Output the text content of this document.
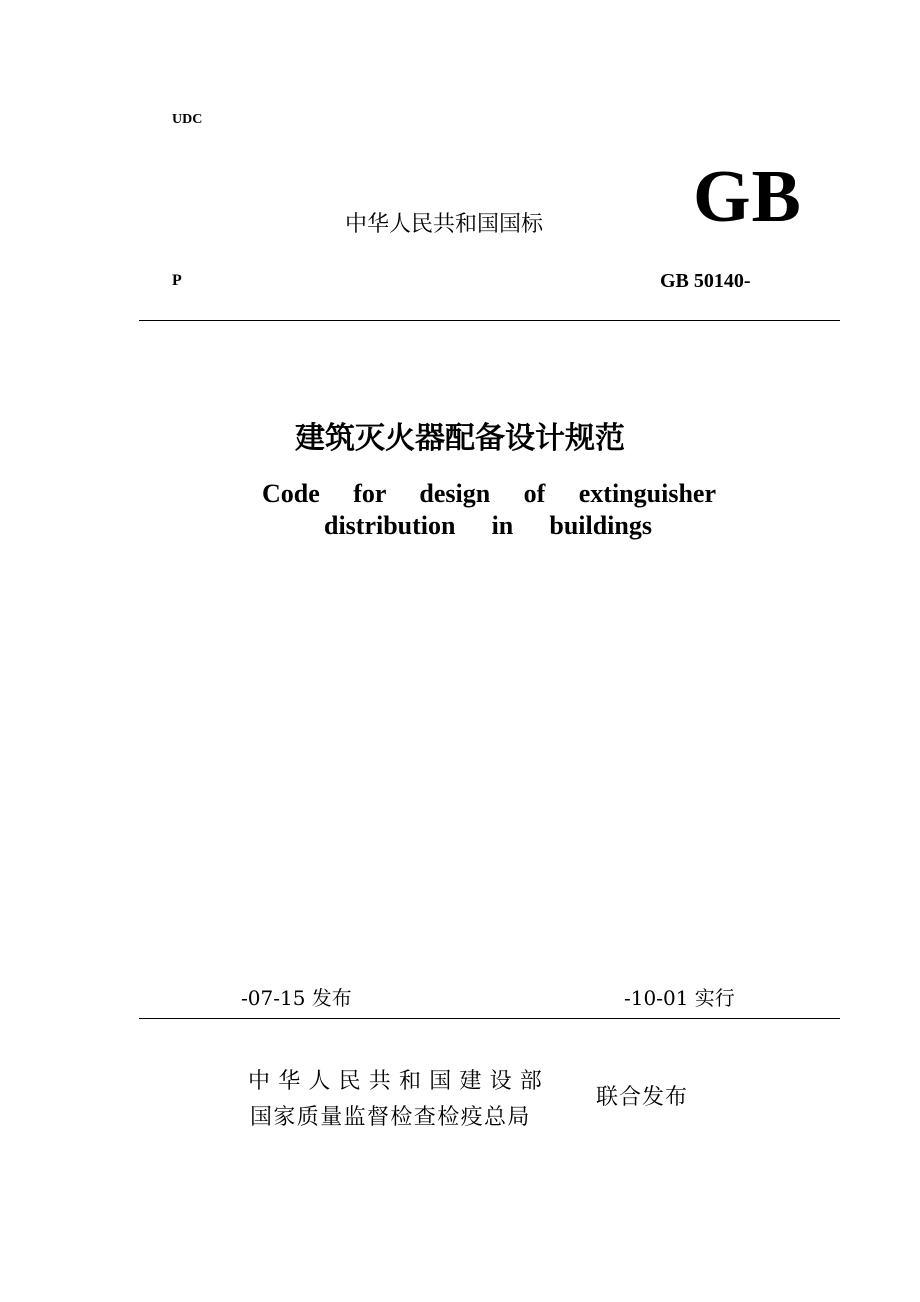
UDC
中华人民共和国国标 GB
P	GB 50140-
建筑灭火器配备设计规范
Code for design of extinguisher
distribution in buildings
-07-15 发布	-10-01 实行
中华人民共和国建设部
国家质量监督检查检疫总局
联合发布
